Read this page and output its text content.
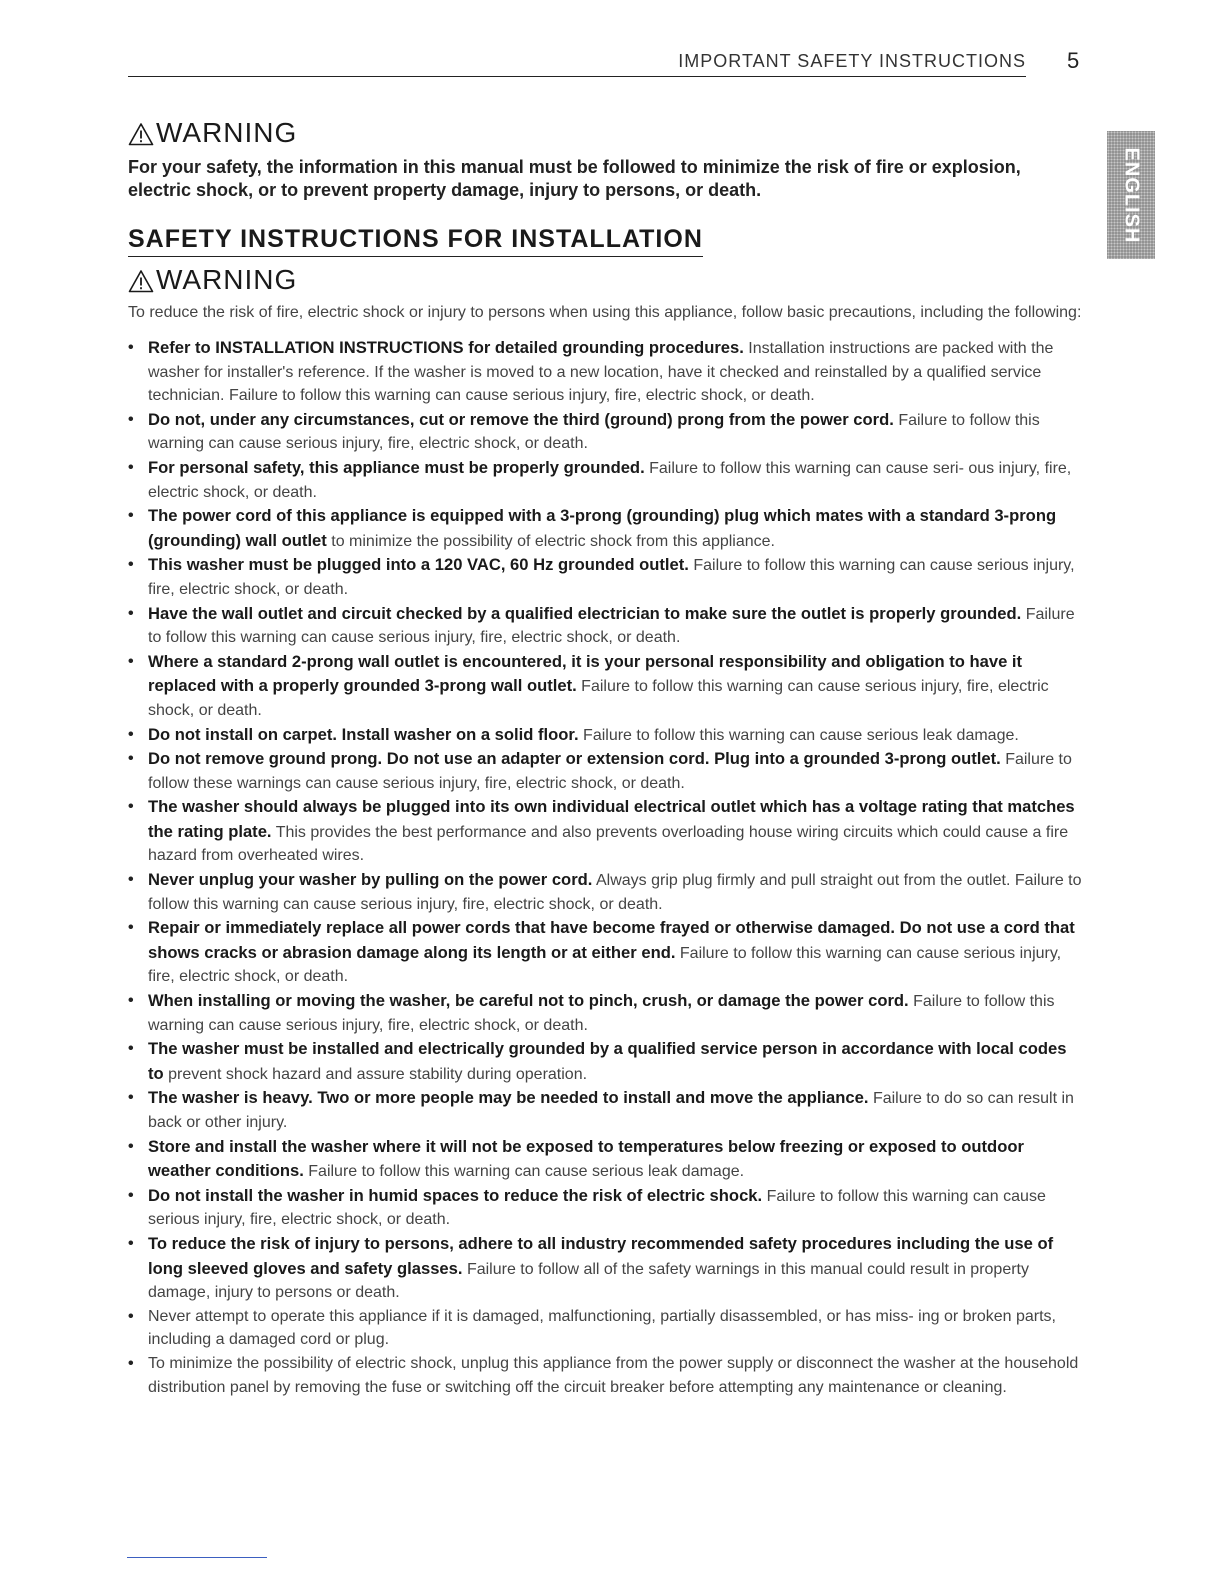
IMPORTANT SAFETY INSTRUCTIONS 5
ENGLISH
WARNING

For your safety, the information in this manual must be followed to minimize the risk of fire or explosion, electric shock, or to prevent property damage, injury to persons, or death.

SAFETY INSTRUCTIONS FOR INSTALLATION
WARNING
To reduce the risk of fire, electric shock or injury to persons when using this appliance, follow basic precautions, including the following:
• Refer to INSTALLATION INSTRUCTIONS for detailed grounding procedures. Installation instructions are packed with the washer for installer's reference. If the washer is moved to a new location, have it checked and reinstalled by a qualified service technician. Failure to follow this warning can cause serious injury, fire, electric shock, or death.
• Do not, under any circumstances, cut or remove the third (ground) prong from the power cord. Failure to follow this warning can cause serious injury, fire, electric shock, or death.
• For personal safety, this appliance must be properly grounded. Failure to follow this warning can cause seri- ous injury, fire, electric shock, or death.
• The power cord of this appliance is equipped with a 3-prong (grounding) plug which mates with a standard 3-prong (grounding) wall outlet to minimize the possibility of electric shock from this appliance.
• This washer must be plugged into a 120 VAC, 60 Hz grounded outlet. Failure to follow this warning can cause serious injury, fire, electric shock, or death.
• Have the wall outlet and circuit checked by a qualified electrician to make sure the outlet is properly grounded. Failure to follow this warning can cause serious injury, fire, electric shock, or death.
• Where a standard 2-prong wall outlet is encountered, it is your personal responsibility and obligation to have it replaced with a properly grounded 3-prong wall outlet. Failure to follow this warning can cause serious injury, fire, electric shock, or death.
• Do not install on carpet. Install washer on a solid floor. Failure to follow this warning can cause serious leak damage.
• Do not remove ground prong. Do not use an adapter or extension cord. Plug into a grounded 3-prong outlet. Failure to follow these warnings can cause serious injury, fire, electric shock, or death.
• The washer should always be plugged into its own individual electrical outlet which has a voltage rating that matches the rating plate. This provides the best performance and also prevents overloading house wiring circuits which could cause a fire hazard from overheated wires.
• Never unplug your washer by pulling on the power cord. Always grip plug firmly and pull straight out from the outlet. Failure to follow this warning can cause serious injury, fire, electric shock, or death.
• Repair or immediately replace all power cords that have become frayed or otherwise damaged. Do not use a cord that shows cracks or abrasion damage along its length or at either end. Failure to follow this warning can cause serious injury, fire, electric shock, or death.
• When installing or moving the washer, be careful not to pinch, crush, or damage the power cord. Failure to follow this warning can cause serious injury, fire, electric shock, or death.
• The washer must be installed and electrically grounded by a qualified service person in accordance with local codes to prevent shock hazard and assure stability during operation.
• The washer is heavy. Two or more people may be needed to install and move the appliance. Failure to do so can result in back or other injury.
• Store and install the washer where it will not be exposed to temperatures below freezing or exposed to outdoor weather conditions. Failure to follow this warning can cause serious leak damage.
• Do not install the washer in humid spaces to reduce the risk of electric shock. Failure to follow this warning can cause serious injury, fire, electric shock, or death.
• To reduce the risk of injury to persons, adhere to all industry recommended safety procedures including the use of long sleeved gloves and safety glasses. Failure to follow all of the safety warnings in this manual could result in property damage, injury to persons or death.
• Never attempt to operate this appliance if it is damaged, malfunctioning, partially disassembled, or has miss- ing or broken parts, including a damaged cord or plug.
• To minimize the possibility of electric shock, unplug this appliance from the power supply or disconnect the washer at the household distribution panel by removing the fuse or switching off the circuit breaker before attempting any maintenance or cleaning.
